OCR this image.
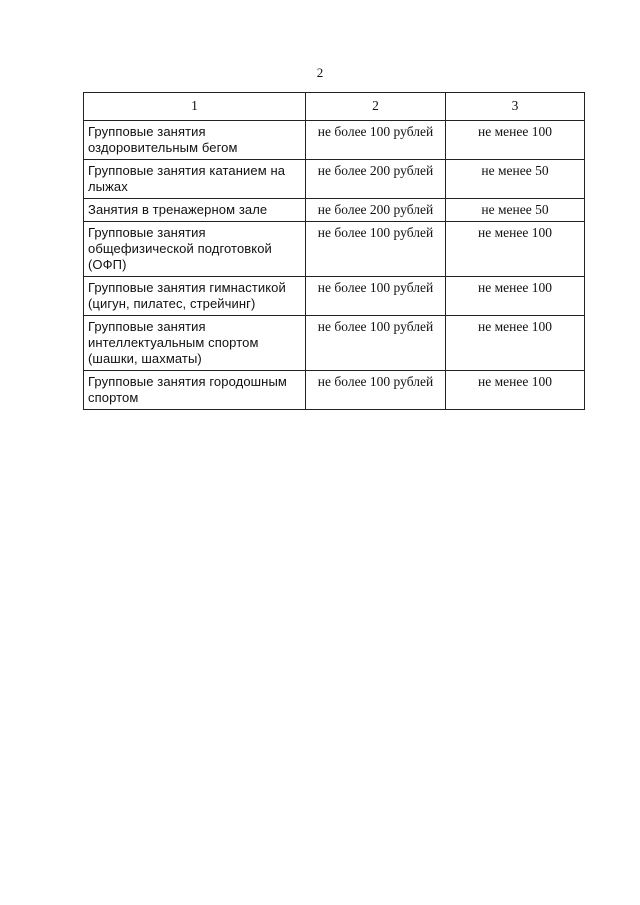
2
1	2	3
Групповые занятия оздоровительным бегом	не более 100 рублей	не менее 100
Групповые занятия катанием на лыжах	не более 200 рублей	не менее 50
Занятия в тренажерном зале	не более 200 рублей	не менее 50
Групповые занятия общефизической подготовкой (ОФП)	не более 100 рублей	не менее 100
Групповые занятия гимнастикой (цигун, пилатес, стрейчинг)	не более 100 рублей	не менее 100
Групповые занятия интеллектуальным спортом (шашки, шахматы)	не более 100 рублей	не менее 100
Групповые занятия городошным спортом	не более 100 рублей	не менее 100
